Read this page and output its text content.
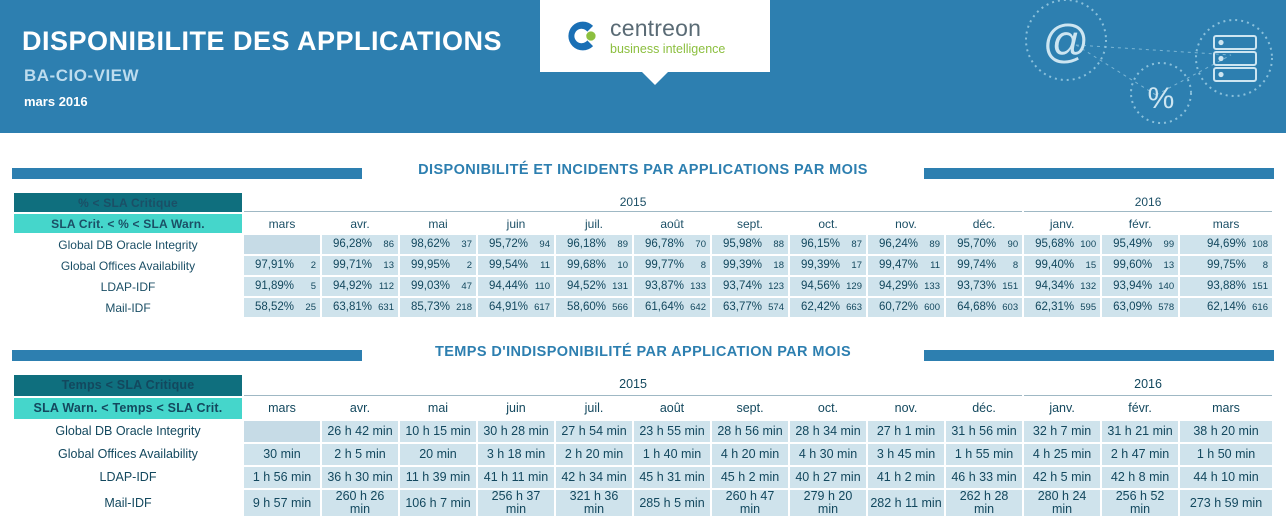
DISPONIBILITE DES APPLICATIONS
BA-CIO-VIEW
mars 2016
centreon
business intelligence	@
%
DISPONIBILITÉ ET INCIDENTS PAR APPLICATIONS PAR MOIS
% < SLA Critique	2015										2016		
SLA Crit. < % < SLA Warn.	mars	avr.	mai	juin	juil.	août	sept.	oct.	nov.	déc.	janv.	févr.	mars
Global DB Oracle Integrity		96,28% 86	98,62% 37	95,72% 94	96,18% 89	96,78% 70	95,98% 88	96,15% 87	96,24% 89	95,70% 90	95,68% 100	95,49% 99	94,69% 108

Global Offices Availability	97,91% 2	99,71% 13	99,95% 2	99,54% 11	99,68% 10	99,77% 8	99,39% 18	99,39% 17	99,47% 11	99,74% 8	99,40% 15	99,60% 13	99,75% 8

LDAP-IDF	91,89% 5	94,92% 112	99,03% 47	94,44% 110	94,52% 131	93,87% 133	93,74% 123	94,56% 129	94,29% 133	93,73% 151	94,34% 132	93,94% 140	93,88% 151

Mail-IDF	58,52% 25	63,81% 631	85,73% 218	64,91% 617	58,60% 566	61,64% 642	63,77% 574	62,42% 663	60,72% 600	64,68% 603	62,31% 595	63,09% 578	62,14% 616
TEMPS D'INDISPONIBILITÉ PAR APPLICATION PAR MOIS
Temps < SLA Critique	2015										2016		
SLA Warn. < Temps < SLA Crit.	mars	avr.	mai	juin	juil.	août	sept.	oct.	nov.	déc.	janv.	févr.	mars
Global DB Oracle Integrity		26 h 42 min	10 h 15 min	30 h 28 min	27 h 54 min	23 h 55 min	28 h 56 min	28 h 34 min	27 h 1 min	31 h 56 min	32 h 7 min	31 h 21 min	38 h 20 min
Global Offices Availability	30 min	2 h 5 min	20 min	3 h 18 min	2 h 20 min	1 h 40 min	4 h 20 min	4 h 30 min	3 h 45 min	1 h 55 min	4 h 25 min	2 h 47 min	1 h 50 min
LDAP-IDF	1 h 56 min	36 h 30 min	11 h 39 min	41 h 11 min	42 h 34 min	45 h 31 min	45 h 2 min	40 h 27 min	41 h 2 min	46 h 33 min	42 h 5 min	42 h 8 min	44 h 10 min
Mail-IDF	9 h 57 min	260 h 26 min	106 h 7 min	256 h 37 min	321 h 36 min	285 h 5 min	260 h 47 min	279 h 20 min	282 h 11 min	262 h 28 min	280 h 24 min	256 h 52 min	273 h 59 min
